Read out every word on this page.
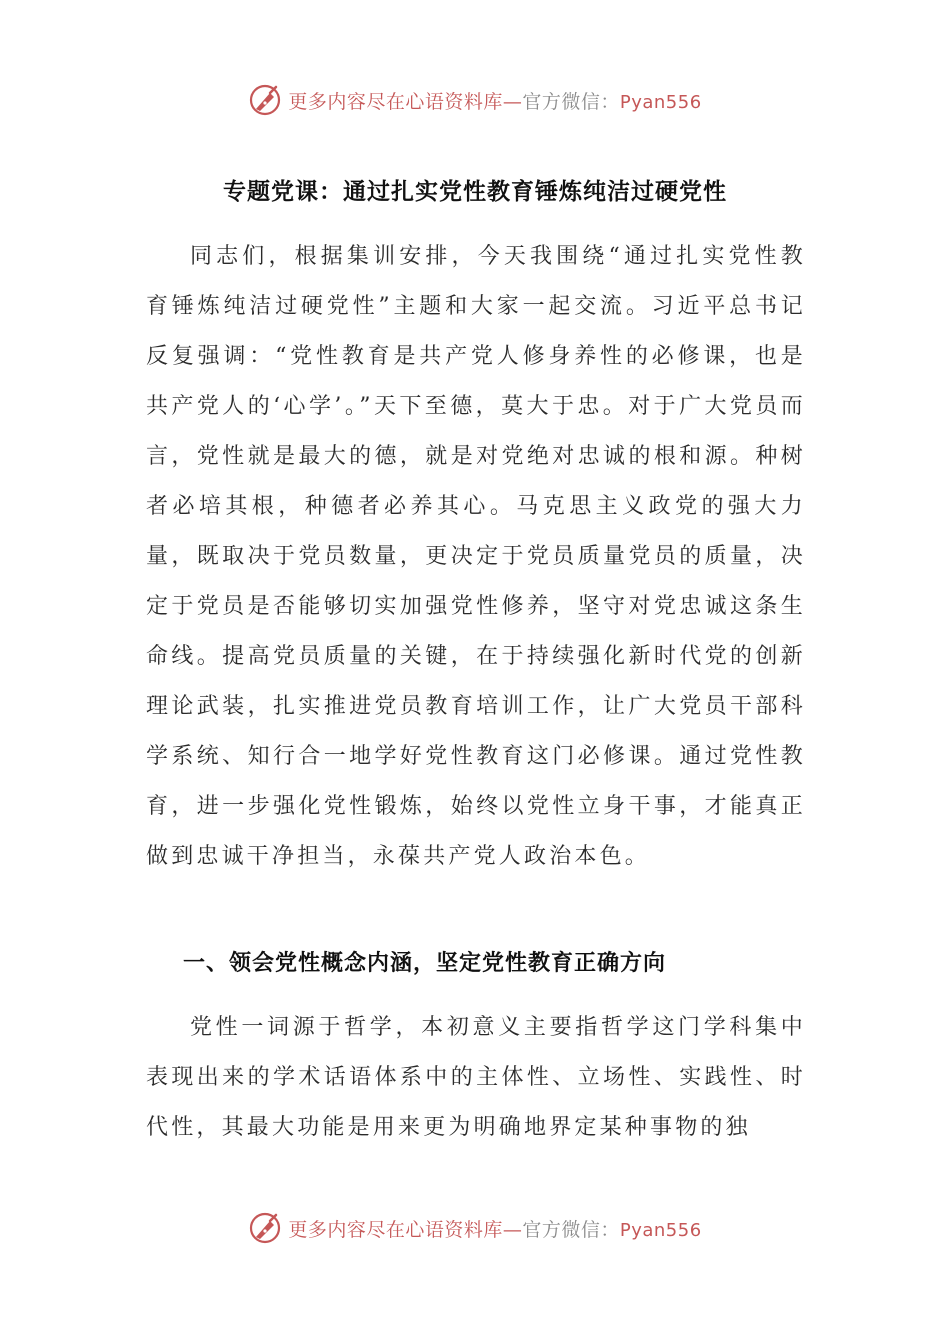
更多内容尽在心语资料库—官方微信：Pyan556
专题党课：通过扎实党性教育锤炼纯洁过硬党性

同志们，根据集训安排，今天我围绕“通过扎实党性教育锤炼纯洁过硬党性”主题和大家一起交流。习近平总书记反复强调：“党性教育是共产党人修身养性的必修课，也是共产党人的‘心学’。”天下至德，莫大于忠。对于广大党员而言，党性就是最大的德，就是对党绝对忠诚的根和源。种树者必培其根，种德者必养其心。马克思主义政党的强大力量，既取决于党员数量，更决定于党员质量党员的质量，决定于党员是否能够切实加强党性修养，坚守对党忠诚这条生命线。提高党员质量的关键，在于持续强化新时代党的创新理论武装，扎实推进党员教育培训工作，让广大党员干部科学系统、知行合一地学好党性教育这门必修课。通过党性教育，进一步强化党性锻炼，始终以党性立身干事，才能真正做到忠诚干净担当，永葆共产党人政治本色。

一、领会党性概念内涵，坚定党性教育正确方向

党性一词源于哲学，本初意义主要指哲学这门学科集中表现出来的学术话语体系中的主体性、立场性、实践性、时代性，其最大功能是用来更为明确地界定某种事物的独

更多内容尽在心语资料库—官方微信：Pyan556
